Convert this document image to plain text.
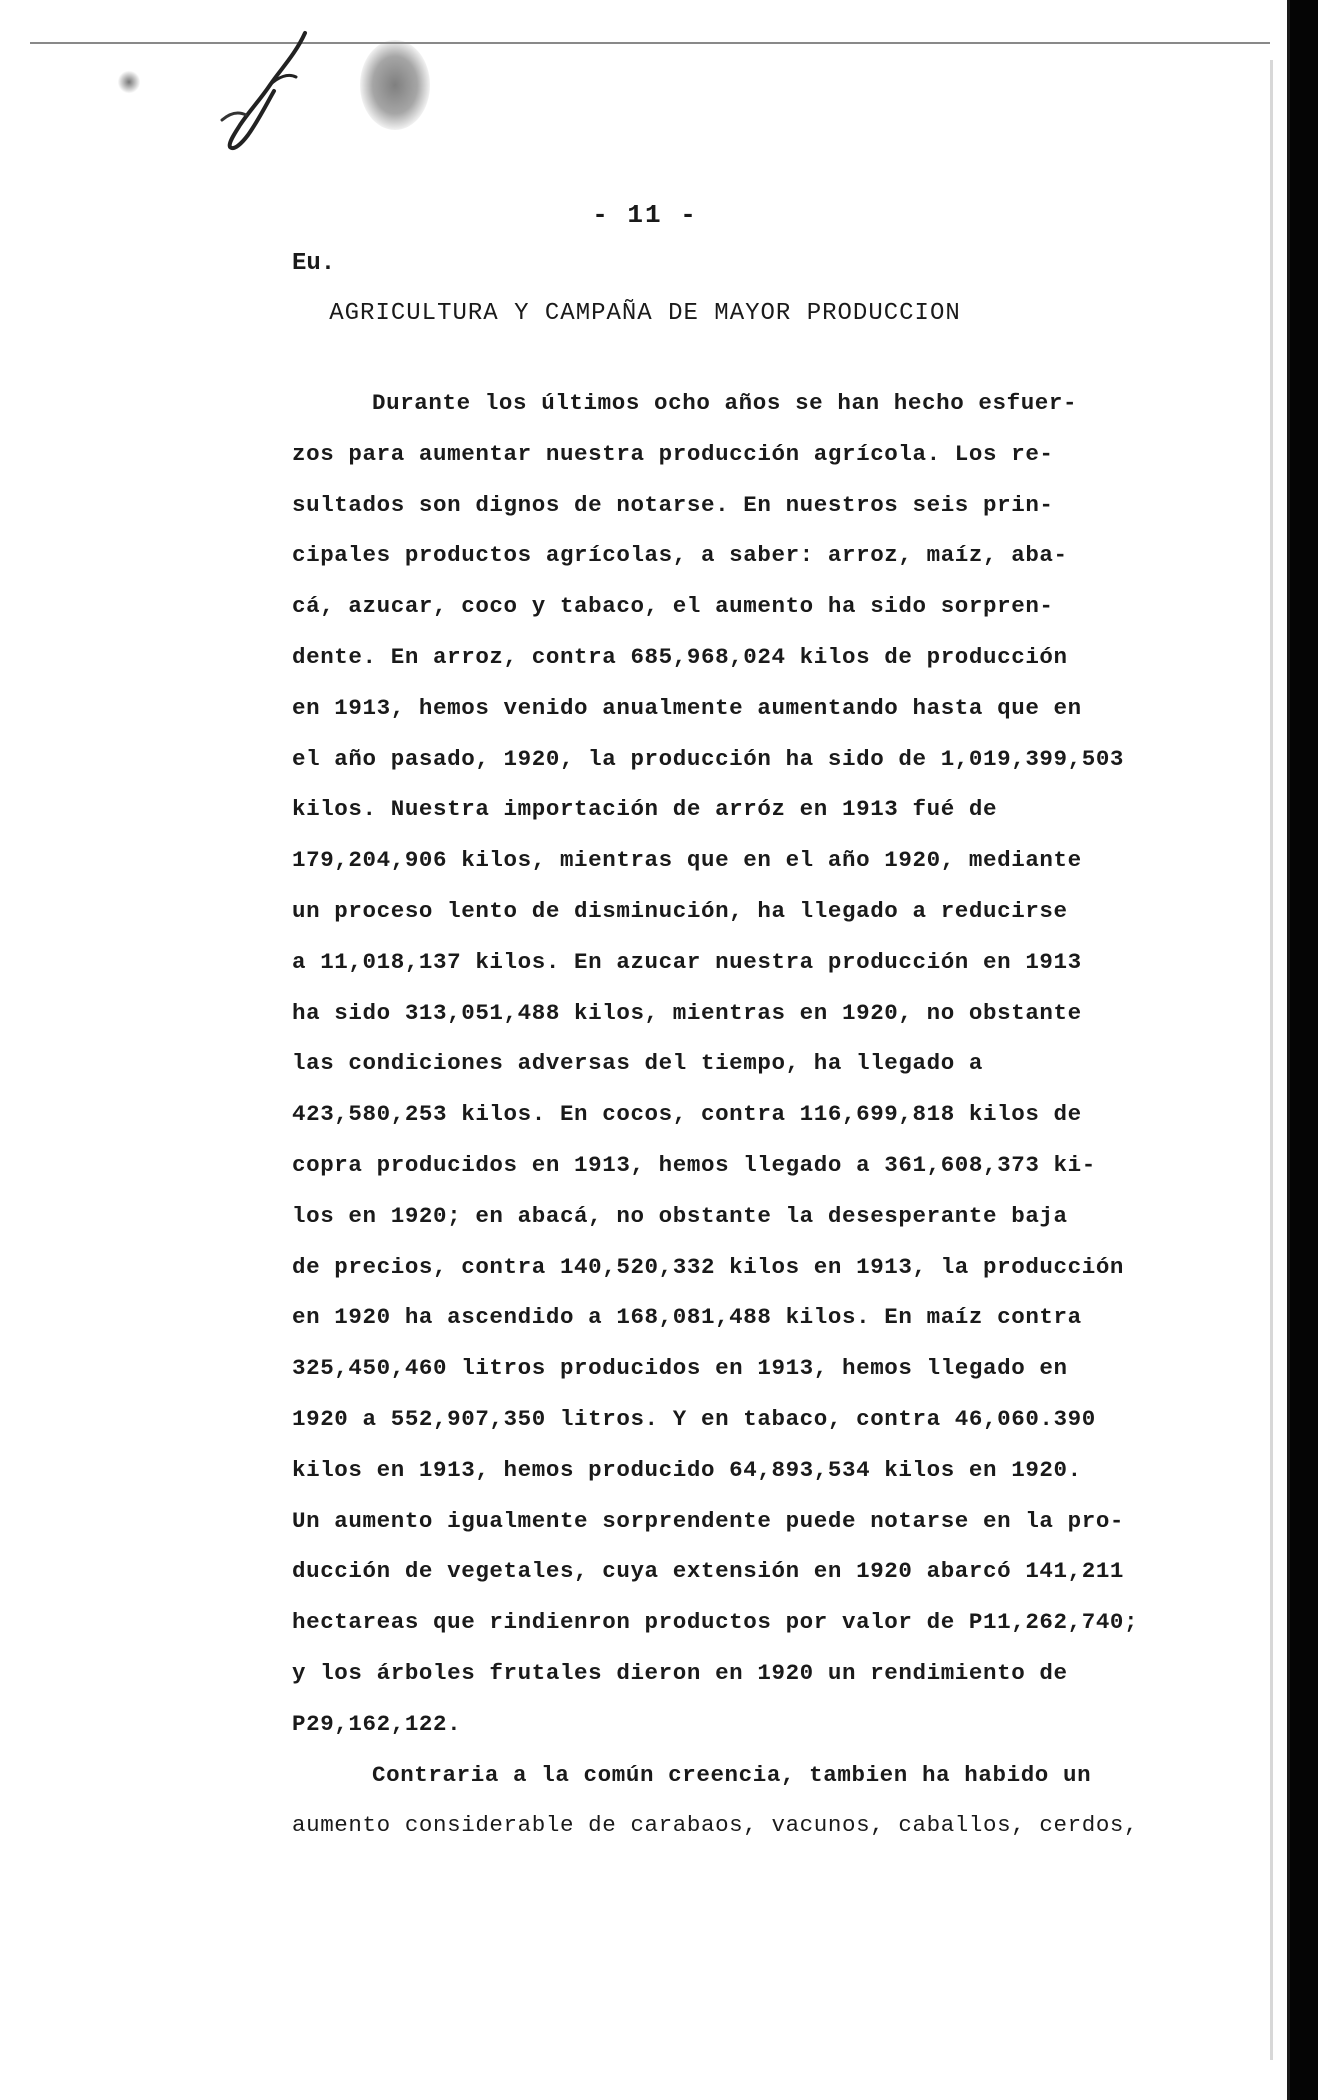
- 11 -
Eu.
AGRICULTURA Y CAMPAÑA DE MAYOR PRODUCCION
Durante los últimos ocho años se han hecho esfuer-
zos para aumentar nuestra producción agrícola. Los re-
sultados son dignos de notarse. En nuestros seis prin-
cipales productos agrícolas, a saber: arroz, maíz, aba-
cá, azucar, coco y tabaco, el aumento ha sido sorpren-
dente. En arroz, contra 685,968,024 kilos de producción
en 1913, hemos venido anualmente aumentando hasta que en
el año pasado, 1920, la producción ha sido de 1,019,399,503
kilos. Nuestra importación de arróz en 1913 fué de
179,204,906 kilos, mientras que en el año 1920, mediante
un proceso lento de disminución, ha llegado a reducirse
a 11,018,137 kilos. En azucar nuestra producción en 1913
ha sido 313,051,488 kilos, mientras en 1920, no obstante
las condiciones adversas del tiempo, ha llegado a
423,580,253 kilos. En cocos, contra 116,699,818 kilos de
copra producidos en 1913, hemos llegado a 361,608,373 ki-
los en 1920; en abacá, no obstante la desesperante baja
de precios, contra 140,520,332 kilos en 1913, la producción
en 1920 ha ascendido a 168,081,488 kilos. En maíz contra
325,450,460 litros producidos en 1913, hemos llegado en
1920 a 552,907,350 litros. Y en tabaco, contra 46,060.390
kilos en 1913, hemos producido 64,893,534 kilos en 1920.
Un aumento igualmente sorprendente puede notarse en la pro-
ducción de vegetales, cuya extensión en 1920 abarcó 141,211
hectareas que rindienron productos por valor de P11,262,740;
y los árboles frutales dieron en 1920 un rendimiento de
P29,162,122.
Contraria a la común creencia, tambien ha habido un
aumento considerable de carabaos, vacunos, caballos, cerdos,
